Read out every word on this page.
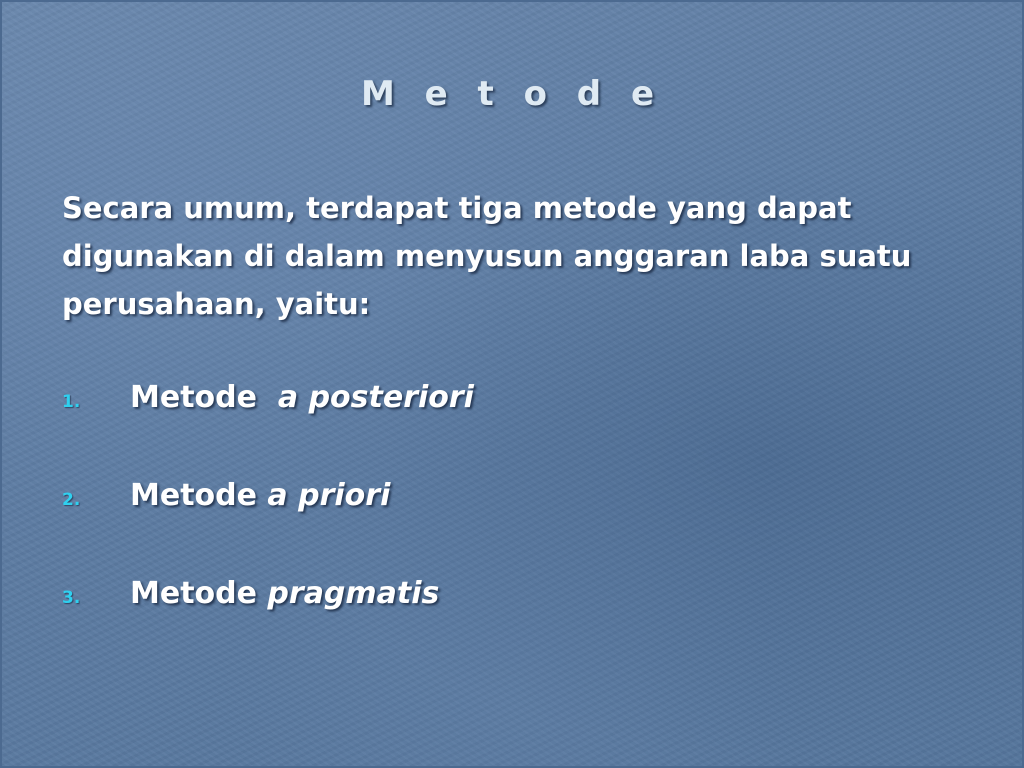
M e t o d e
Secara umum, terdapat tiga metode yang dapat
digunakan di dalam menyusun anggaran laba suatu
perusahaan, yaitu:
1.	Metode  a posteriori
2.	Metode a priori
3.	Metode pragmatis
